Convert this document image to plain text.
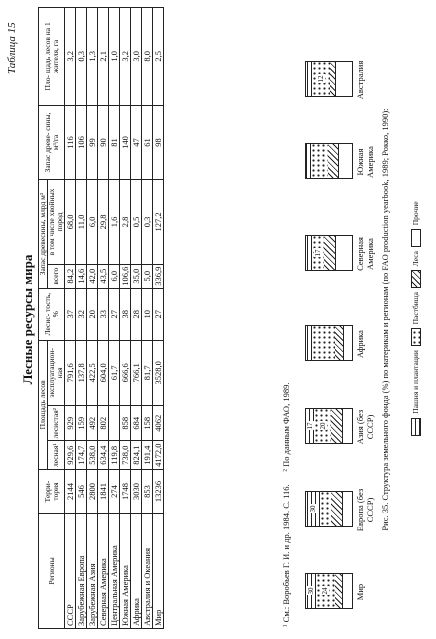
Таблица 15
Лесные ресурсы мира
Регионы	Терри- тория	Площадь лесов			Лесис- тость, %	Запас древесины, млрд м³		Запас древе- сины, м³/га	Пло- щадь лесов на 1 жителя, га
		лесная¹	лесистая²	эксплуатацион- ная		всего	в том числе хвойных пород		
СССР	2144	929,6	929	791,6	37	84,2	68,0	116	3,2
Зарубежная Европа	546	174,7	159	137,8	32	14,6	11,0	106	0,3
Зарубежная Азия	2800	538,0	492	422,5	20	42,0	6,0	99	1,3
Северная Америка	1841	634,4	802	604,0	33	43,5	29,8	90	2,1
Центральная Америка	274	119,8		61,7	27	6,0	1,6	81	1,0
Южная Америка	1748	738,0	858	666,6	38	106,6	2,8	140	3,2
Африка	3030	824,1	684	766,1	28	35,0	0,5	47	3,0
Австралия и Океания	853	191,4	158	81,7	10	5,0	0,3	61	8,0
Мир	13236	4172,0	4062	3528,0	27	336,9	127,2	98	2,5
¹ См.: Воробьев Г. И. и др. 1984. С. 116.      ² По данным ФАО, 1989.
30 24	Мир
30	Европа (без СССР)
17 20	Азия (без СССР)
Африка
17	Северная Америка
Южная Америка
12	Австралия
Рис. 35. Структура земельного фонда (%) по материкам и регионам (по FAO production yearbook, 1989; Рокко, 1990):	Пашня и плантации  Пастбища  Леса  Прочие
